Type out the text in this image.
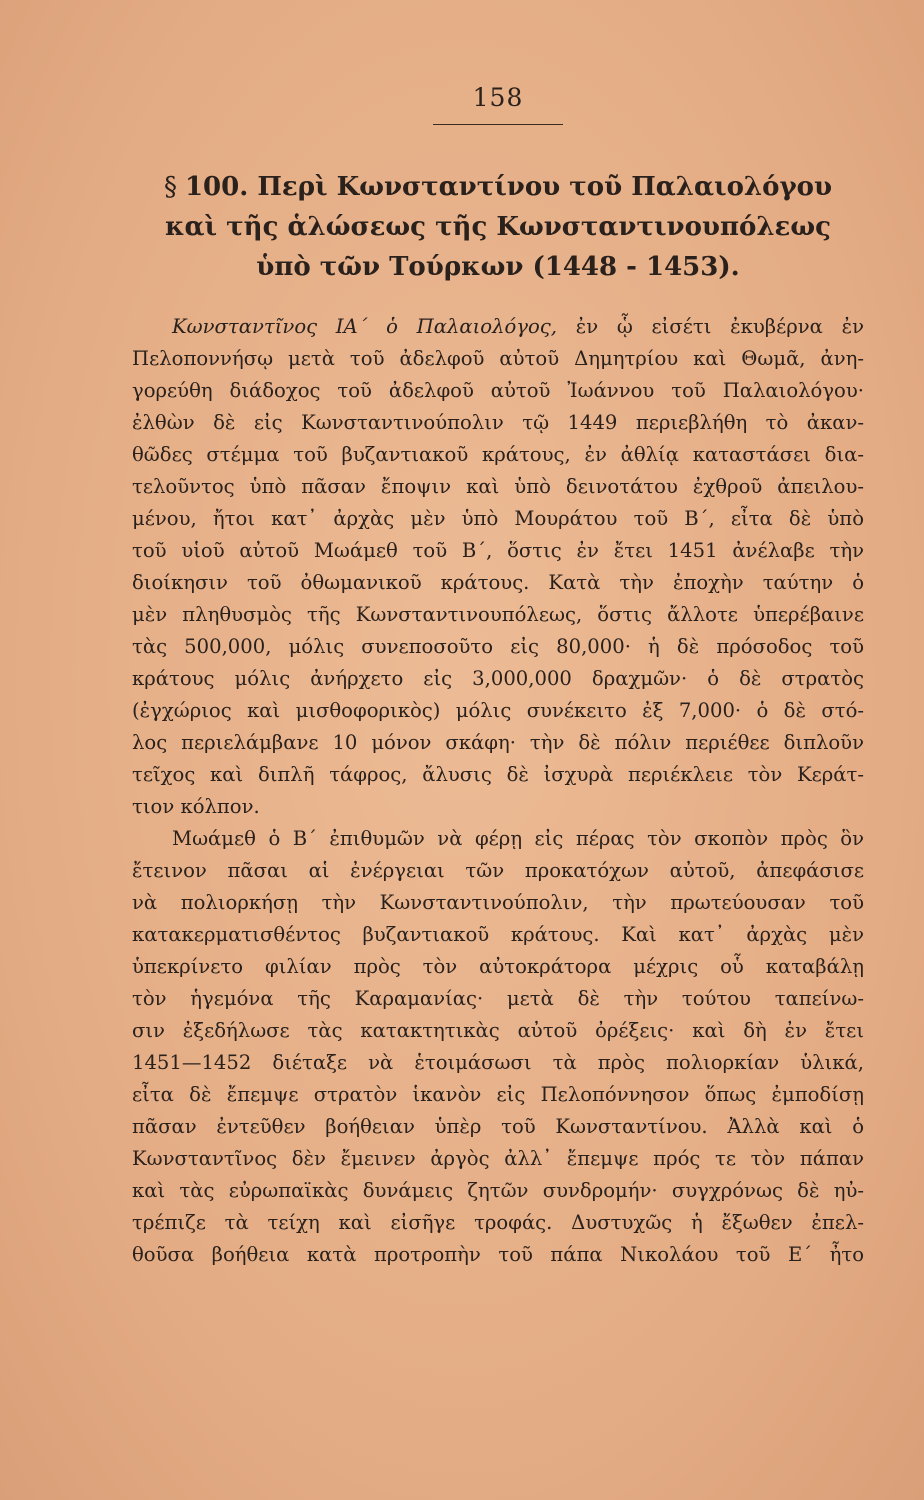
158
§ 100. Περὶ Κωνσταντίνου τοῦ Παλαιολόγου
καὶ τῆς ἁλώσεως τῆς Κωνσταντινουπόλεως
ὑπὸ τῶν Τούρκων (1448 - 1453).
Κωνσταντῖνος ΙΑ΄ ὁ Παλαιολόγος, ἐν ᾧ εἰσέτι ἐκυβέρνα ἐν
Πελοποννήσῳ μετὰ τοῦ ἀδελφοῦ αὐτοῦ Δημητρίου καὶ Θωμᾶ, ἀνη-
γορεύθη διάδοχος τοῦ ἀδελφοῦ αὐτοῦ Ἰωάννου τοῦ Παλαιολόγου·
ἐλθὼν δὲ εἰς Κωνσταντινούπολιν τῷ 1449 περιεβλήθη τὸ ἀκαν-
θῶδες στέμμα τοῦ βυζαντιακοῦ κράτους, ἐν ἀθλίᾳ καταστάσει δια-
τελοῦντος ὑπὸ πᾶσαν ἔποψιν καὶ ὑπὸ δεινοτάτου ἐχθροῦ ἀπειλου-
μένου, ἤτοι κατ᾽ ἀρχὰς μὲν ὑπὸ Μουράτου τοῦ Β΄, εἶτα δὲ ὑπὸ
τοῦ υἱοῦ αὐτοῦ Μωάμεθ τοῦ Β΄, ὅστις ἐν ἔτει 1451 ἀνέλαβε τὴν
διοίκησιν τοῦ ὀθωμανικοῦ κράτους. Κατὰ τὴν ἐποχὴν ταύτην ὁ
μὲν πληθυσμὸς τῆς Κωνσταντινουπόλεως, ὅστις ἄλλοτε ὑπερέβαινε
τὰς 500,000, μόλις συνεποσοῦτο εἰς 80,000· ἡ δὲ πρόσοδος τοῦ
κράτους μόλις ἀνήρχετο εἰς 3,000,000 δραχμῶν· ὁ δὲ στρατὸς
(ἐγχώριος καὶ μισθοφορικὸς) μόλις συνέκειτο ἐξ 7,000· ὁ δὲ στό-
λος περιελάμβανε 10 μόνον σκάφη· τὴν δὲ πόλιν περιέθεε διπλοῦν
τεῖχος καὶ διπλῆ τάφρος, ἄλυσις δὲ ἰσχυρὰ περιέκλειε τὸν Κεράτ-
τιον κόλπον.
Μωάμεθ ὁ Β΄ ἐπιθυμῶν νὰ φέρῃ εἰς πέρας τὸν σκοπὸν πρὸς ὃν
ἔτεινον πᾶσαι αἱ ἐνέργειαι τῶν προκατόχων αὐτοῦ, ἀπεφάσισε
νὰ πολιορκήσῃ τὴν Κωνσταντινούπολιν, τὴν πρωτεύουσαν τοῦ
κατακερματισθέντος βυζαντιακοῦ κράτους. Καὶ κατ᾽ ἀρχὰς μὲν
ὑπεκρίνετο φιλίαν πρὸς τὸν αὐτοκράτορα μέχρις οὗ καταβάλῃ
τὸν ἡγεμόνα τῆς Καραμανίας· μετὰ δὲ τὴν τούτου ταπείνω-
σιν ἐξεδήλωσε τὰς κατακτητικὰς αὐτοῦ ὀρέξεις· καὶ δὴ ἐν ἔτει
1451—1452 διέταξε νὰ ἑτοιμάσωσι τὰ πρὸς πολιορκίαν ὑλικά,
εἶτα δὲ ἔπεμψε στρατὸν ἱκανὸν εἰς Πελοπόννησον ὅπως ἐμποδίσῃ
πᾶσαν ἐντεῦθεν βοήθειαν ὑπὲρ τοῦ Κωνσταντίνου. Ἀλλὰ καὶ ὁ
Κωνσταντῖνος δὲν ἔμεινεν ἀργὸς ἀλλ᾽ ἔπεμψε πρός τε τὸν πάπαν
καὶ τὰς εὐρωπαϊκὰς δυνάμεις ζητῶν συνδρομήν· συγχρόνως δὲ ηὐ-
τρέπιζε τὰ τείχη καὶ εἰσῆγε τροφάς. Δυστυχῶς ἡ ἔξωθεν ἐπελ-
θοῦσα βοήθεια κατὰ προτροπὴν τοῦ πάπα Νικολάου τοῦ Ε΄ ἦτο
